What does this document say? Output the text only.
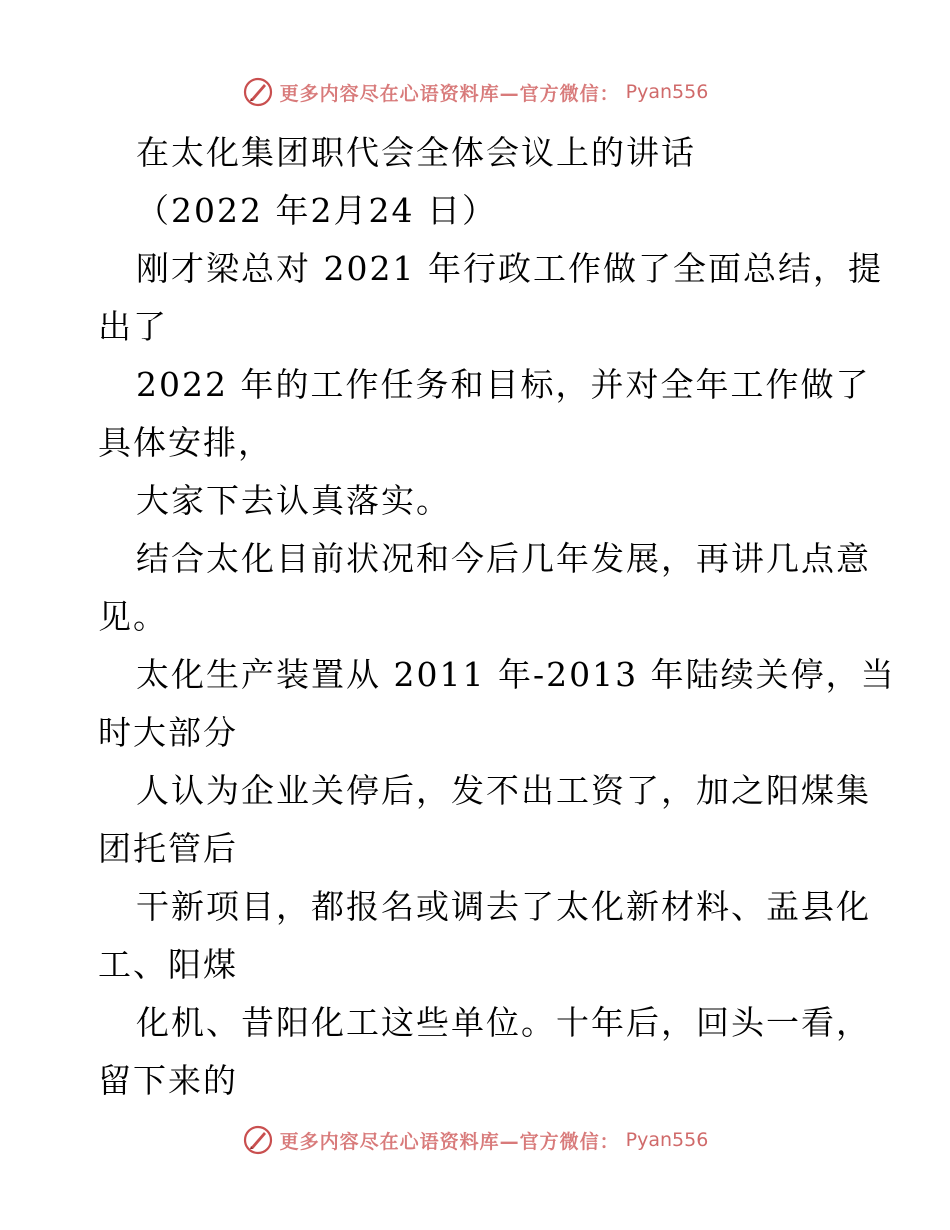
更多内容尽在心语资料库—官方微信： Pyan556
在太化集团职代会全体会议上的讲话
（2022 年2月24 日）
刚才梁总对 2021 年行政工作做了全面总结，提
出了
2022 年的工作任务和目标，并对全年工作做了
具体安排，
大家下去认真落实。
结合太化目前状况和今后几年发展，再讲几点意
见。
太化生产装置从 2011 年-2013 年陆续关停，当
时大部分
人认为企业关停后，发不出工资了，加之阳煤集
团托管后
干新项目，都报名或调去了太化新材料、盂县化
工、阳煤
化机、昔阳化工这些单位。十年后，回头一看，
留下来的
更多内容尽在心语资料库—官方微信： Pyan556
